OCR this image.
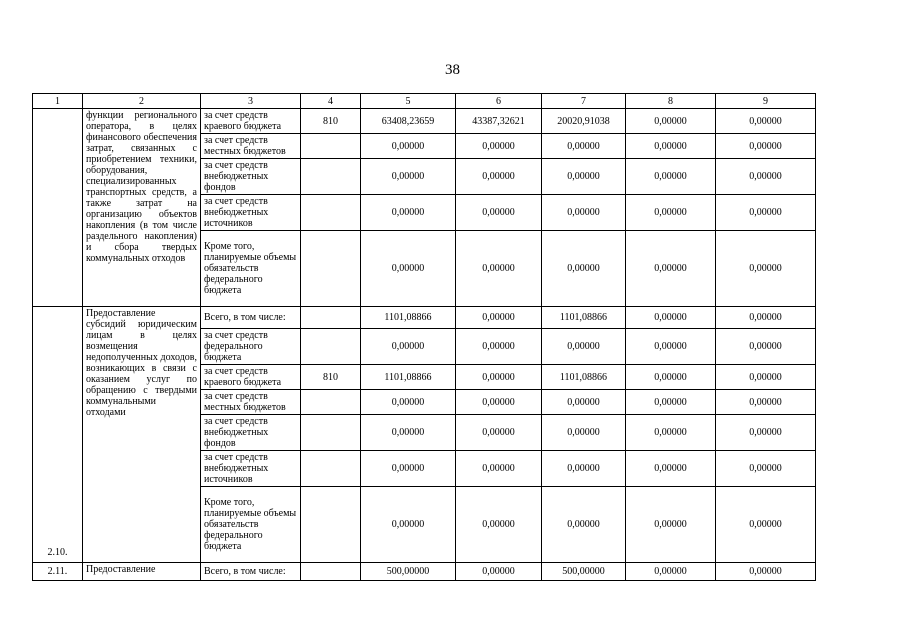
38
1	2	3	4	5	6	7	8	9

	функции регионального оператора, в целях финансового обеспечения затрат, связанных с приобретением техники, оборудования, специализированных транспортных средств, а также затрат на организацию объектов накопления (в том числе раздельного накопления) и сбора твердых коммунальных отходов	за счет средств краевого бюджета	810	63408,23659	43387,32621	20020,91038	0,00000	0,00000
		за счет средств местных бюджетов		0,00000	0,00000	0,00000	0,00000	0,00000
		за счет средств внебюджетных фондов		0,00000	0,00000	0,00000	0,00000	0,00000
		за счет средств внебюджетных источников		0,00000	0,00000	0,00000	0,00000	0,00000
		Кроме того, планируемые объемы обязательств федерального бюджета		0,00000	0,00000	0,00000	0,00000	0,00000
2.10.	Предоставление субсидий юридическим лицам в целях возмещения недополученных доходов, возникающих в связи с оказанием услуг по обращению с твердыми коммунальными отходами	Всего, в том числе:		1101,08866	0,00000	1101,08866	0,00000	0,00000
		за счет средств федерального бюджета		0,00000	0,00000	0,00000	0,00000	0,00000
		за счет средств краевого бюджета	810	1101,08866	0,00000	1101,08866	0,00000	0,00000
		за счет средств местных бюджетов		0,00000	0,00000	0,00000	0,00000	0,00000
		за счет средств внебюджетных фондов		0,00000	0,00000	0,00000	0,00000	0,00000
		за счет средств внебюджетных источников		0,00000	0,00000	0,00000	0,00000	0,00000
		Кроме того, планируемые объемы обязательств федерального бюджета		0,00000	0,00000	0,00000	0,00000	0,00000
2.11.	Предоставление	Всего, в том числе:		500,00000	0,00000	500,00000	0,00000	0,00000
